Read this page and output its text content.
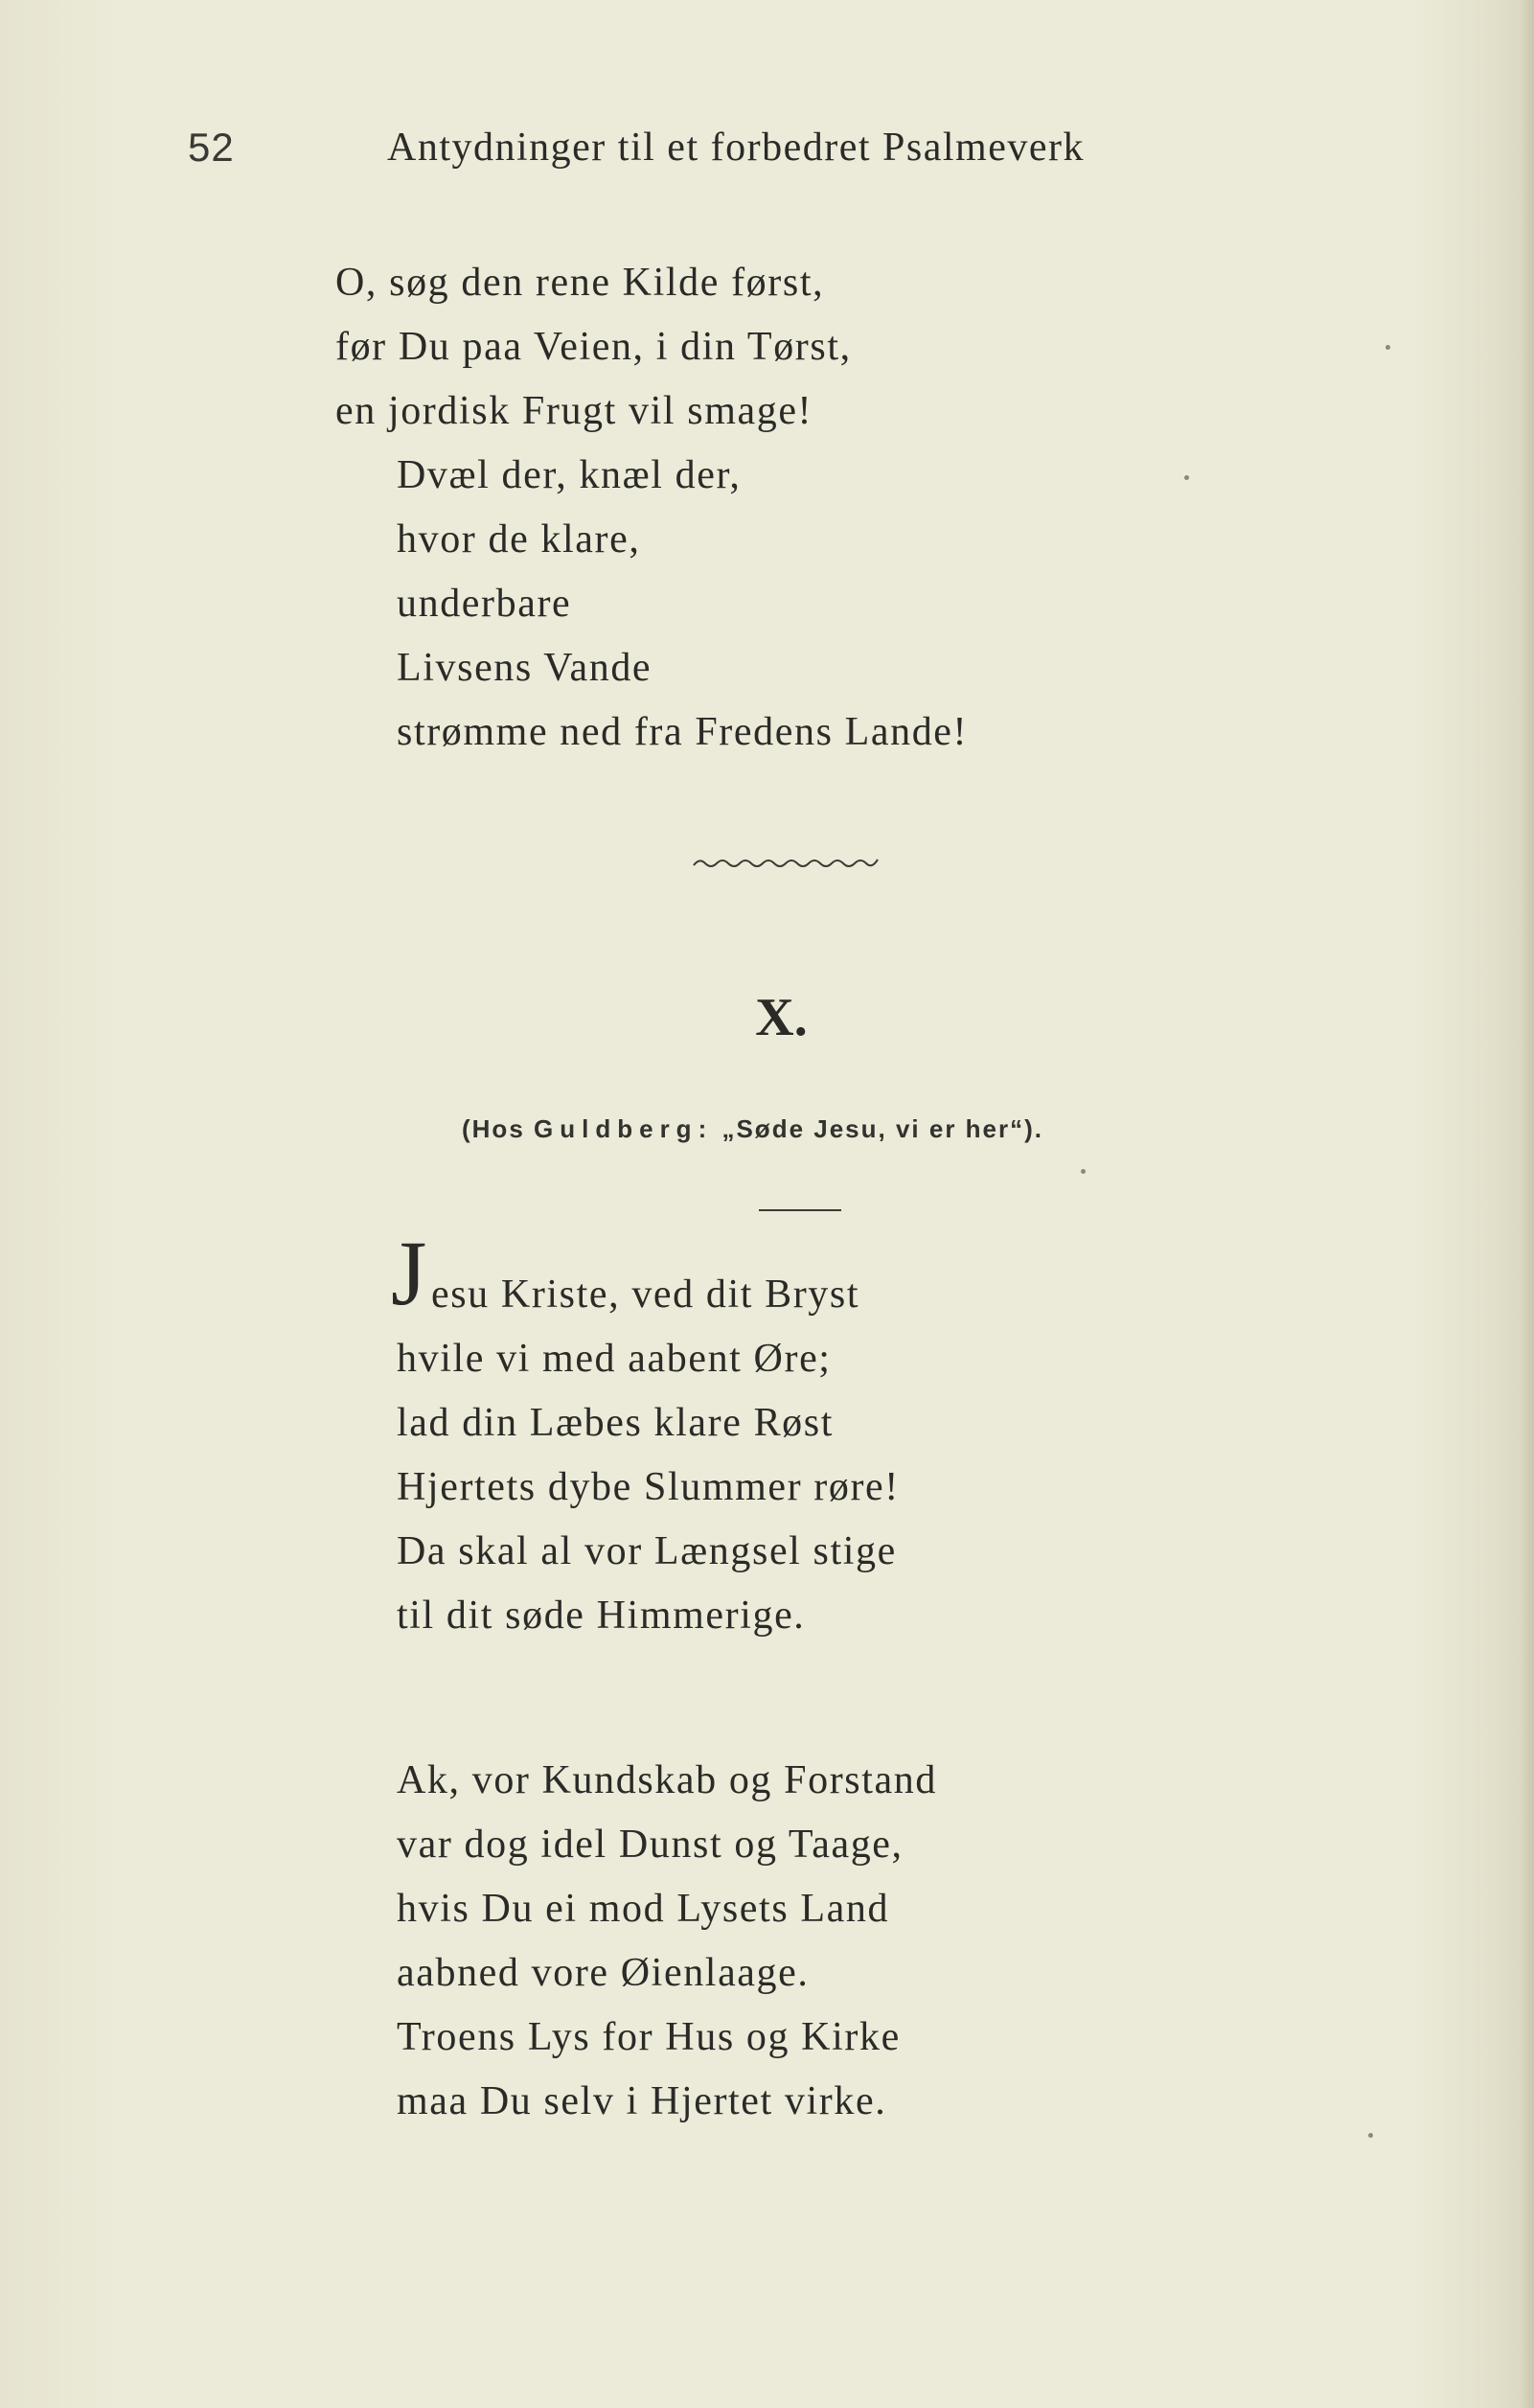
52	Antydninger til et forbedret Psalmeverk
O, søg den rene Kilde først,
før Du paa Veien, i din Tørst,
en jordisk Frugt vil smage!
Dvæl der, knæl der,
hvor de klare,
underbare
Livsens Vande
strømme ned fra Fredens Lande!
X.
(Hos Guldberg: „Søde Jesu, vi er her“).
J esu Kriste, ved dit Bryst
hvile vi med aabent Øre;
lad din Læbes klare Røst
Hjertets dybe Slummer røre!
Da skal al vor Længsel stige
til dit søde Himmerige.
Ak, vor Kundskab og Forstand
var dog idel Dunst og Taage,
hvis Du ei mod Lysets Land
aabned vore Øienlaage.
Troens Lys for Hus og Kirke
maa Du selv i Hjertet virke.
